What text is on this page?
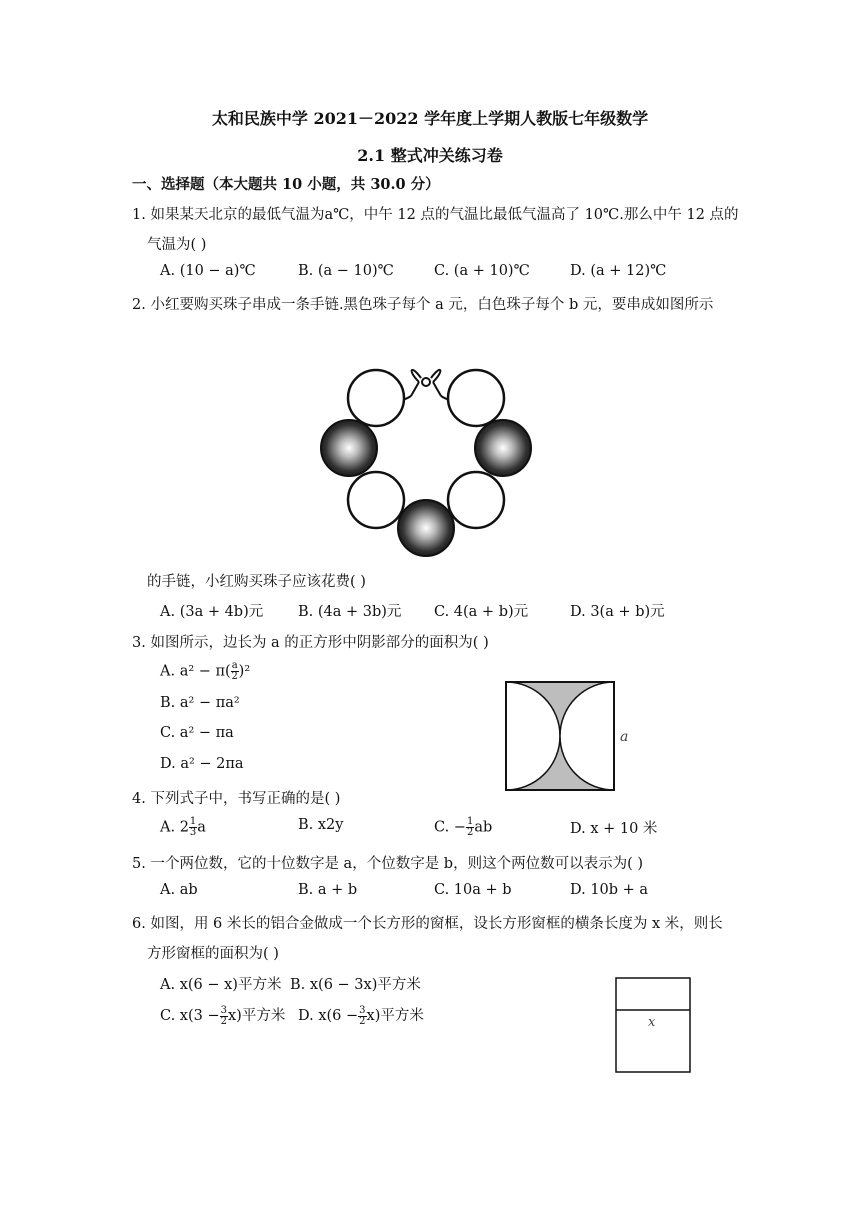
太和民族中学 2021－2022 学年度上学期人教版七年级数学
2.1 整式冲关练习卷
一、选择题（本大题共 10 小题，共 30.0 分）
1. 如果某天北京的最低气温为a℃，中午 12 点的气温比最低气温高了 10℃.那么中午 12 点的
气温为( )
A. (10 − a)℃	B. (a − 10)℃	C. (a + 10)℃	D. (a + 12)℃
2. 小红要购买珠子串成一条手链.黑色珠子每个 a 元，白色珠子每个 b 元，要串成如图所示
的手链，小红购买珠子应该花费( )
A. (3a + 4b)元 B. (4a + 3b)元 C. 4(a + b)元	D. 3(a + b)元
3. 如图所示，边长为 a 的正方形中阴影部分的面积为( )
A. $a^2 - \pi( \frac{a}{2} )^2$
B. a² − πa²
C. a² − πa
D. a² − 2πa
a
4. 下列式子中，书写正确的是( )
A. $2 \frac{1}{3}$ a	B. x2y	C. − $\frac{1}{2}$ ab	D. x + 10 米
5. 一个两位数，它的十位数字是 a，个位数字是 b，则这个两位数可以表示为( )
A. ab	B. a + b	C. 10a + b	D. 10b + a
6. 如图，用 6 米长的铝合金做成一个长方形的窗框，设长方形窗框的横条长度为 x 米，则长
方形窗框的面积为( )
A. x(6 − x)平方米 B. x(6 − 3x)平方米
C. $x(3 - \frac{3}{2} x)$平方米 D. $x(6 - \frac{3}{2} x)$平方米	x
